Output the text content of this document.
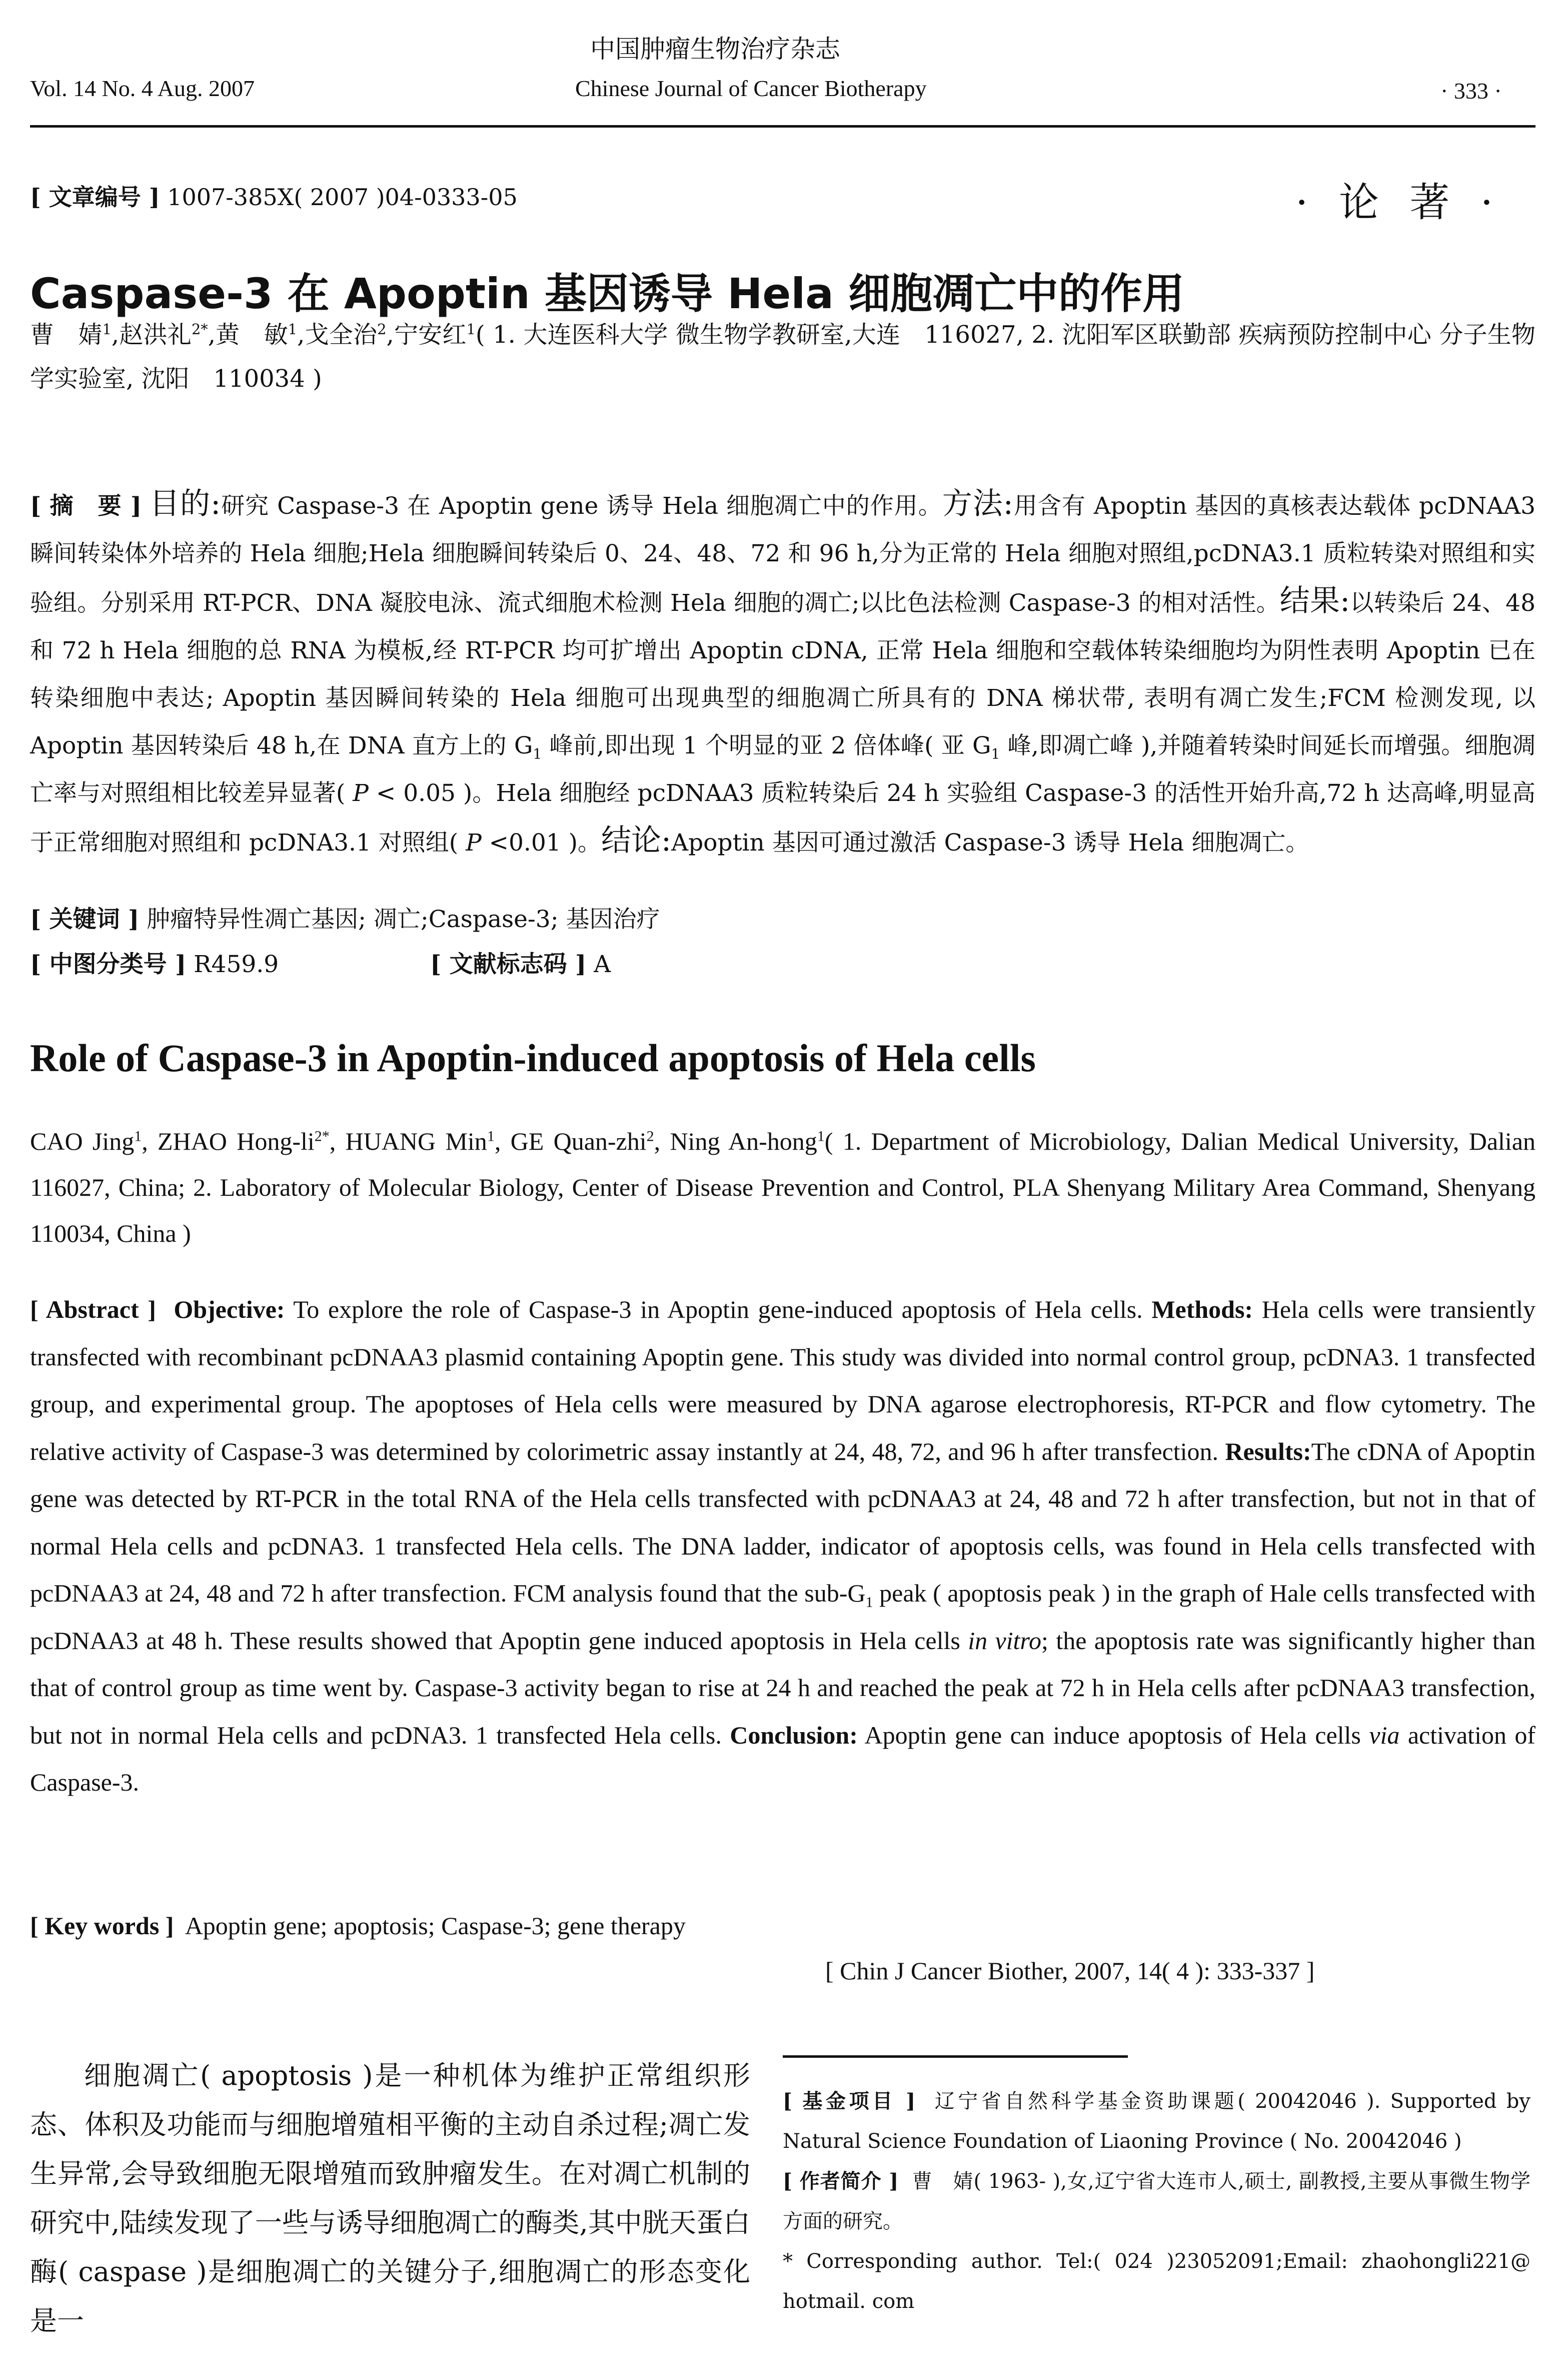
中国肿瘤生物治疗杂志
Vol. 14 No. 4 Aug. 2007	Chinese Journal of Cancer Biotherapy	· 333 ·
[ 文章编号 ] 1007-385X( 2007 )04-0333-05	· 论 著 ·
Caspase-3 在 Apoptin 基因诱导 Hela 细胞凋亡中的作用
曹　婧$^1$,赵洪礼$^{2*}$,黄　敏$^1$,戈全治$^2$,宁安红$^1$( 1. 大连医科大学 微生物学教研室,大连　116027, 2. 沈阳军区联勤部 疾病预防控制中心 分子生物学实验室, 沈阳　110034 )
[ 摘　要 ] 目的:研究 Caspase-3 在 Apoptin gene 诱导 Hela 细胞凋亡中的作用。方法:用含有 Apoptin 基因的真核表达载体 pcDNAA3 瞬间转染体外培养的 Hela 细胞;Hela 细胞瞬间转染后 0、24、48、72 和 96 h,分为正常的 Hela 细胞对照组,pcDNA3.1 质粒转染对照组和实验组。分别采用 RT-PCR、DNA 凝胶电泳、流式细胞术检测 Hela 细胞的凋亡;以比色法检测 Caspase-3 的相对活性。结果:以转染后 24、48 和 72 h Hela 细胞的总 RNA 为模板,经 RT-PCR 均可扩增出 Apoptin cDNA, 正常 Hela 细胞和空载体转染细胞均为阴性表明 Apoptin 已在转染细胞中表达; Apoptin 基因瞬间转染的 Hela 细胞可出现典型的细胞凋亡所具有的 DNA 梯状带, 表明有凋亡发生;FCM 检测发现, 以 Apoptin 基因转染后 48 h,在 DNA 直方上的 $G_1$ 峰前,即出现 1 个明显的亚 2 倍体峰( 亚 $G_1$ 峰,即凋亡峰 ),并随着转染时间延长而增强。细胞凋亡率与对照组相比较差异显著( P < 0.05 )。Hela 细胞经 pcDNAA3 质粒转染后 24 h 实验组 Caspase-3 的活性开始升高,72 h 达高峰,明显高于正常细胞对照组和 pcDNA3.1 对照组( P <0.01 )。结论:Apoptin 基因可通过激活 Caspase-3 诱导 Hela 细胞凋亡。
[ 关键词 ] 肿瘤特异性凋亡基因; 凋亡;Caspase-3; 基因治疗
[ 中图分类号 ] R459.9	[ 文献标志码 ] A
Role of Caspase-3 in Apoptin-induced apoptosis of Hela cells
CAO Jing$^1$, ZHAO Hong-$li^{2*}$, HUANG Min$^1$, GE Quan-zhi$^2$, Ning An-hong$^1$( 1. Department of Microbiology, Dalian Medical University, Dalian 116027, China; 2. Laboratory of Molecular Biology, Center of Disease Prevention and Control, PLA Shenyang Military Area Command, Shenyang 110034, China )
[ Abstract ] Objective: To explore the role of Caspase-3 in Apoptin gene-induced apoptosis of Hela cells. Methods: Hela cells were transiently transfected with recombinant pcDNAA3 plasmid containing Apoptin gene. This study was divided into normal control group, pcDNA3. 1 transfected group, and experimental group. The apoptoses of Hela cells were measured by DNA agarose electrophoresis, RT-PCR and flow cytometry. The relative activity of Caspase-3 was determined by colorimetric assay instantly at 24, 48, 72, and 96 h after transfection. Results:The cDNA of Apoptin gene was detected by RT-PCR in the total RNA of the Hela cells transfected with pcDNAA3 at 24, 48 and 72 h after transfection, but not in that of normal Hela cells and pcDNA3. 1 transfected Hela cells. The DNA ladder, indicator of apoptosis cells, was found in Hela cells transfected with pcDNAA3 at 24, 48 and 72 h after transfection. FCM analysis found that the sub-$G_1$ peak ( apoptosis peak ) in the graph of Hale cells transfected with pcDNAA3 at 48 h. These results showed that Apoptin gene induced apoptosis in Hela cells in vitro; the apoptosis rate was significantly higher than that of control group as time went by. Caspase-3 activity began to rise at 24 h and reached the peak at 72 h in Hela cells after pcDNAA3 transfection, but not in normal Hela cells and pcDNA3. 1 transfected Hela cells. Conclusion: Apoptin gene can induce apoptosis of Hela cells via activation of Caspase-3.
[ Key words ] Apoptin gene; apoptosis; Caspase-3; gene therapy
[ Chin J Cancer Biother, 2007, 14( 4 ): 333-337 ]
细胞凋亡( apoptosis )是一种机体为维护正常组织形态、体积及功能而与细胞增殖相平衡的主动自杀过程;凋亡发生异常,会导致细胞无限增殖而致肿瘤发生。在对凋亡机制的研究中,陆续发现了一些与诱导细胞凋亡的酶类,其中胱天蛋白酶( caspase )是细胞凋亡的关键分子,细胞凋亡的形态变化是一

[ 基金项目 ] 辽宁省自然科学基金资助课题( 20042046 ). Supported by Natural Science Foundation of Liaoning Province ( No. 20042046 )

[ 作者简介 ] 曹　婧( 1963- ),女,辽宁省大连市人,硕士, 副教授,主要从事微生物学方面的研究。

* Corresponding author. Tel:( 024 )23052091;Email: zhaohongli221@ hotmail. com
